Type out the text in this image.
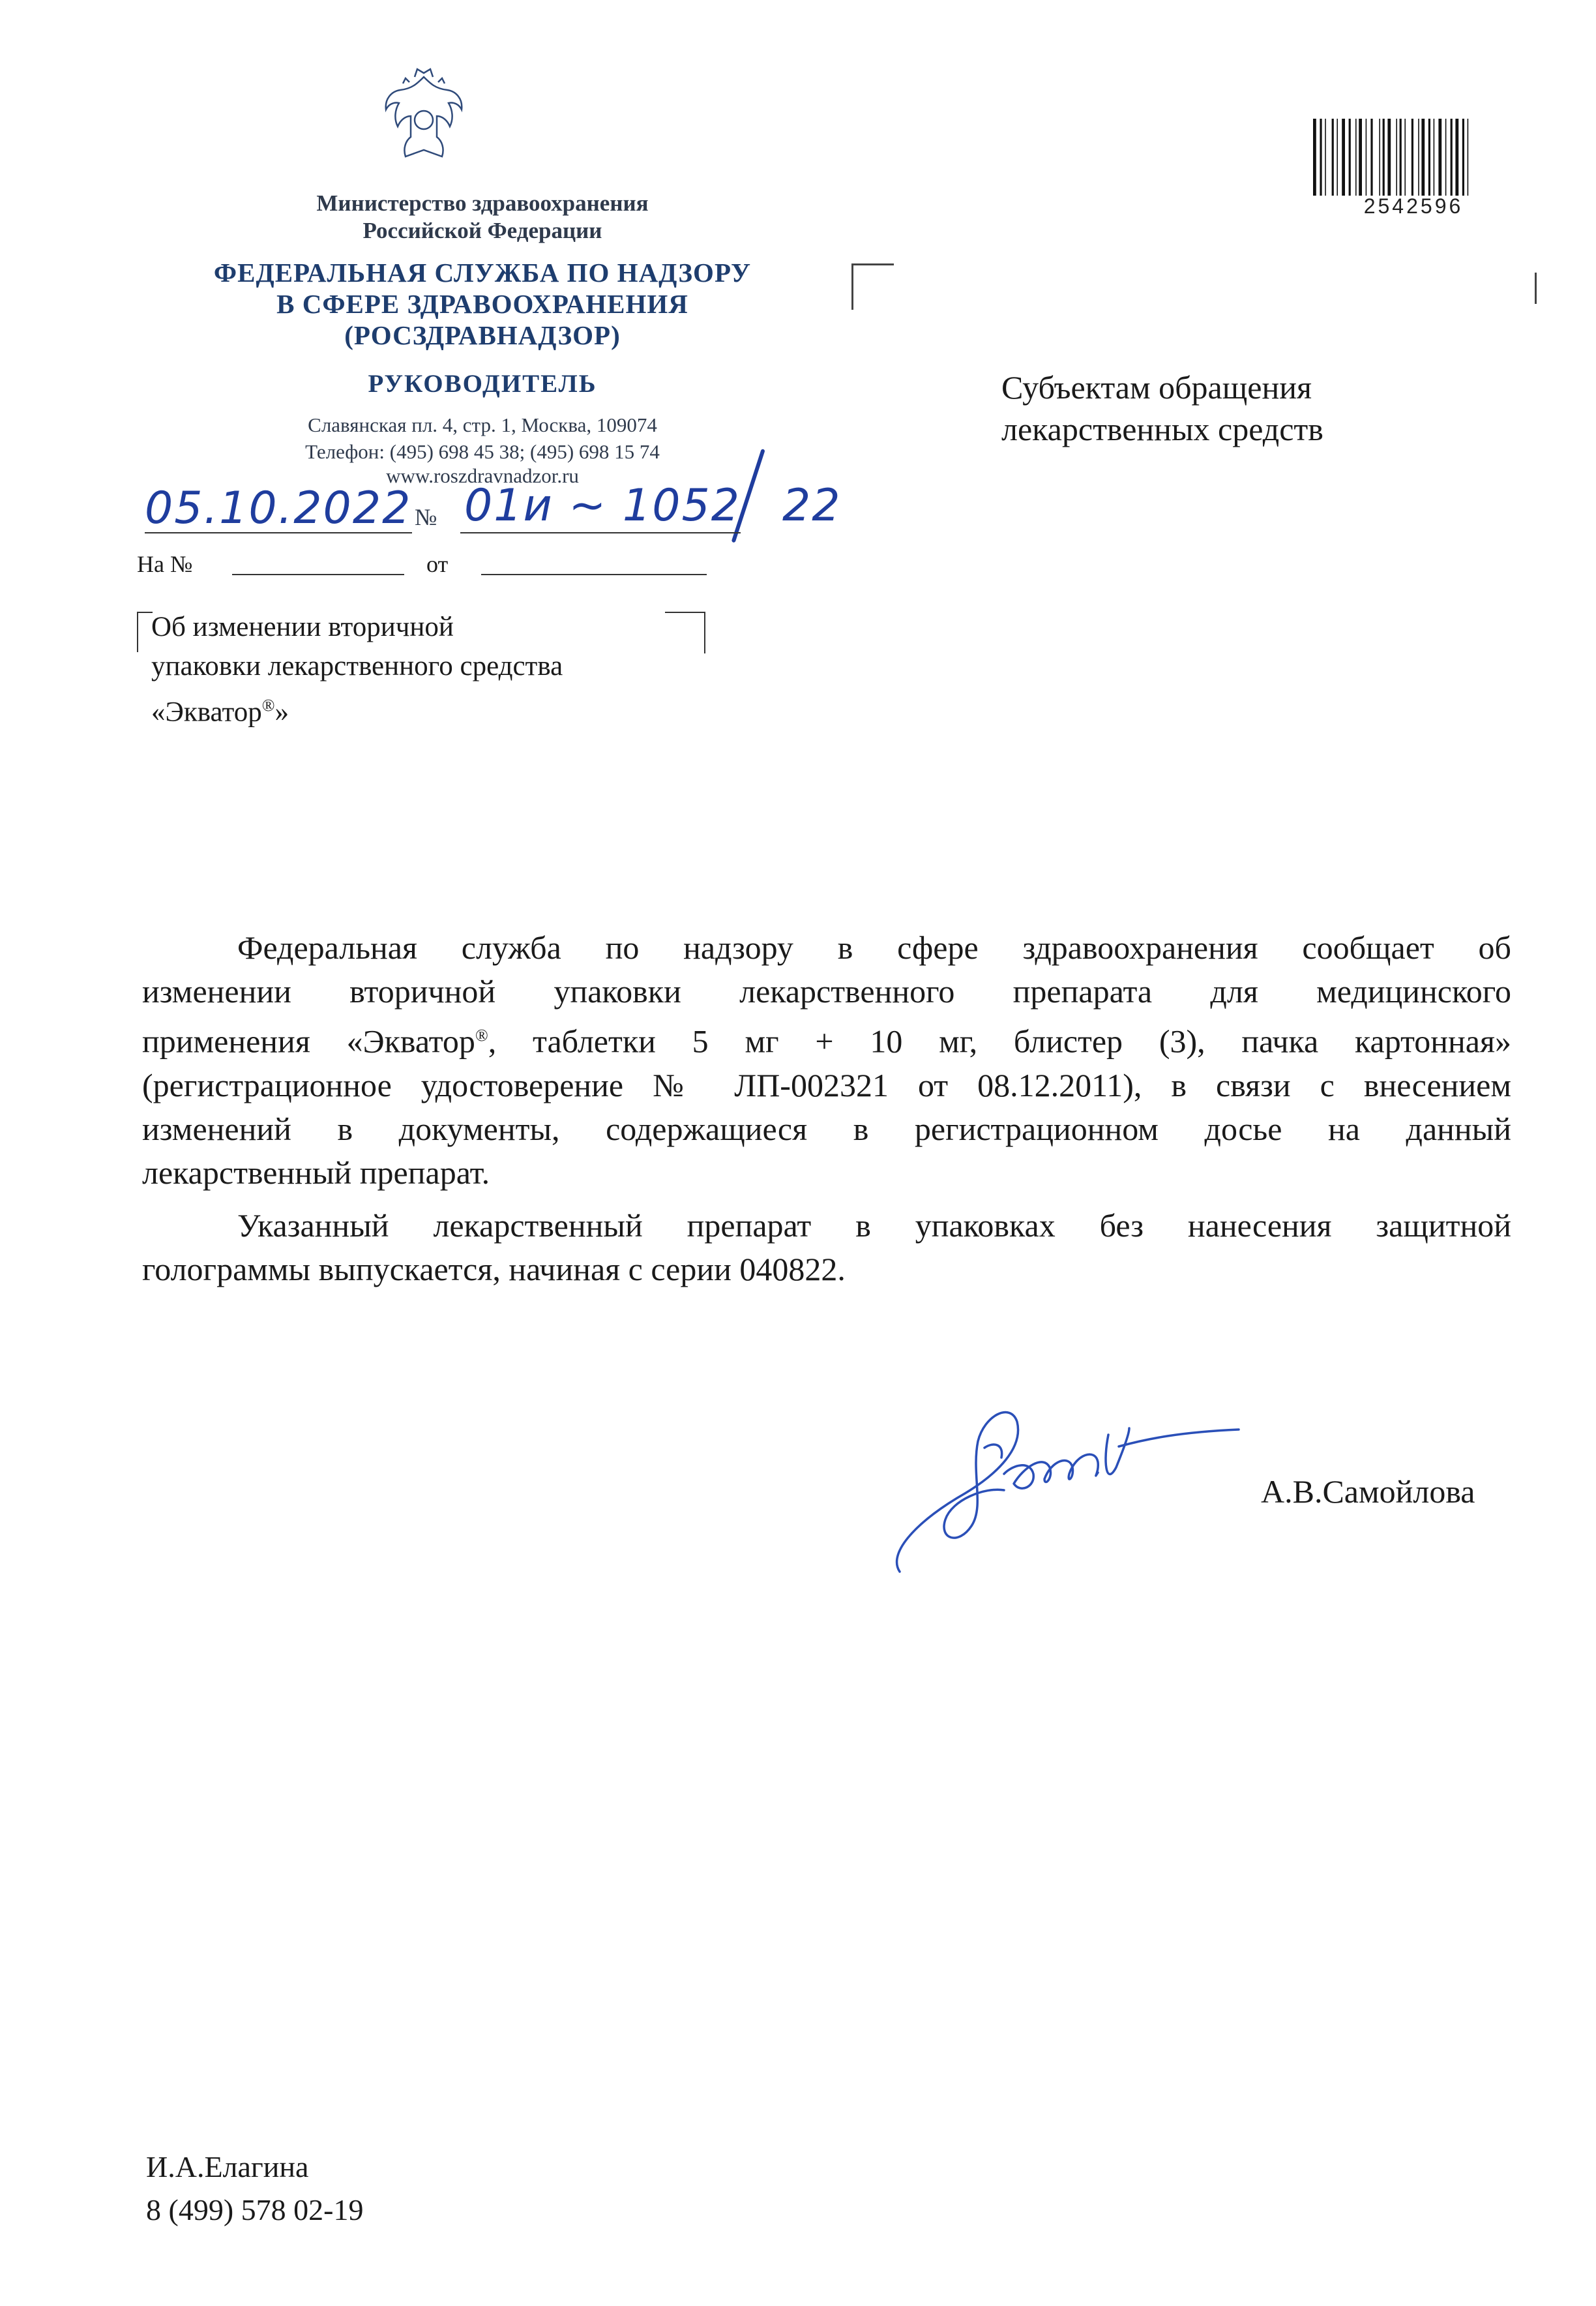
Министерство здравоохранения
Российской Федерации
ФЕДЕРАЛЬНАЯ СЛУЖБА ПО НАДЗОРУ
В СФЕРЕ ЗДРАВООХРАНЕНИЯ
(РОСЗДРАВНАДЗОР)
РУКОВОДИТЕЛЬ
Славянская пл. 4, стр. 1, Москва, 109074
Телефон: (495) 698 45 38; (495) 698 15 74
www.roszdravnadzor.ru
05.10.2022 № 01и ~ 1052 22
На №	от
Об изменении вторичной
упаковки лекарственного средства
«Экватор®»
Субъектам обращения
лекарственных средств
2542596
Федеральная служба по надзору в сфере здравоохранения сообщает об
изменении вторичной упаковки лекарственного препарата для медицинского
применения «Экватор®, таблетки 5 мг + 10 мг, блистер (3), пачка картонная»
(регистрационное удостоверение № ЛП-002321 от 08.12.2011), в связи с внесением
изменений в документы, содержащиеся в регистрационном досье на данный
лекарственный препарат.
Указанный лекарственный препарат в упаковках без нанесения защитной
голограммы выпускается, начиная с серии 040822.
А.В.Самойлова
И.А.Елагина
8 (499) 578 02-19
